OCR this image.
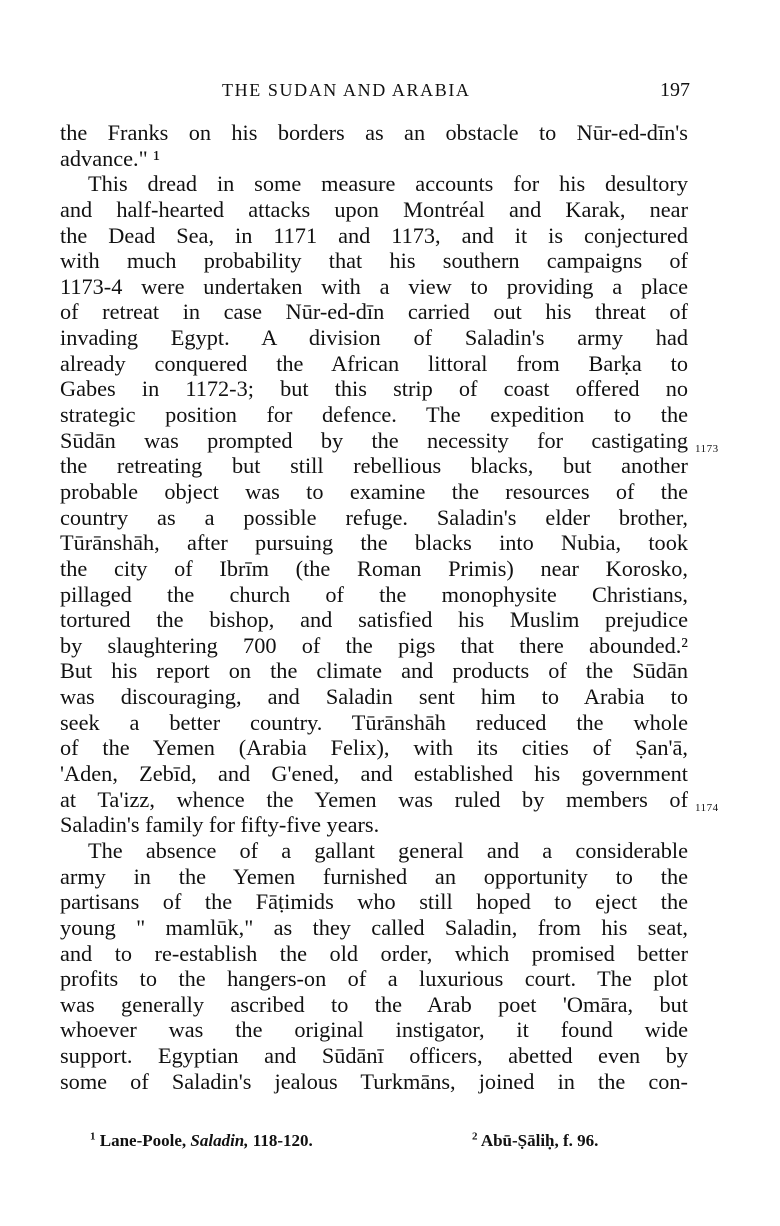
THE SUDAN AND ARABIA	197
the Franks on his borders as an obstacle to Nūr-ed-dīn's
advance." ¹
This dread in some measure accounts for his desultory
and half-hearted attacks upon Montréal and Karak, near
the Dead Sea, in 1171 and 1173, and it is conjectured
with much probability that his southern campaigns of
1173-4 were undertaken with a view to providing a place
of retreat in case Nūr-ed-dīn carried out his threat of
invading Egypt. A division of Saladin's army had
already conquered the African littoral from Barḳa to
Gabes in 1172-3; but this strip of coast offered no
strategic position for defence. The expedition to the
Sūdān was prompted by the necessity for castigating
the retreating but still rebellious blacks, but another
probable object was to examine the resources of the
country as a possible refuge. Saladin's elder brother,
Tūrānshāh, after pursuing the blacks into Nubia, took
the city of Ibrīm (the Roman Primis) near Korosko,
pillaged the church of the monophysite Christians,
tortured the bishop, and satisfied his Muslim prejudice
by slaughtering 700 of the pigs that there abounded.²
But his report on the climate and products of the Sūdān
was discouraging, and Saladin sent him to Arabia to
seek a better country. Tūrānshāh reduced the whole
of the Yemen (Arabia Felix), with its cities of Ṣan'ā,
'Aden, Zebīd, and G'ened, and established his government
at Ta'izz, whence the Yemen was ruled by members of
Saladin's family for fifty-five years.
The absence of a gallant general and a considerable
army in the Yemen furnished an opportunity to the
partisans of the Fāṭimids who still hoped to eject the
young " mamlūk," as they called Saladin, from his seat,
and to re-establish the old order, which promised better
profits to the hangers-on of a luxurious court. The plot
was generally ascribed to the Arab poet 'Omāra, but
whoever was the original instigator, it found wide
support. Egyptian and Sūdānī officers, abetted even by
some of Saladin's jealous Turkmāns, joined in the con-
1173
1174
$^1$ Lane-Poole, Saladin, 118-120.	$^2$ Abū-Ṣāliḥ, f. 96.
